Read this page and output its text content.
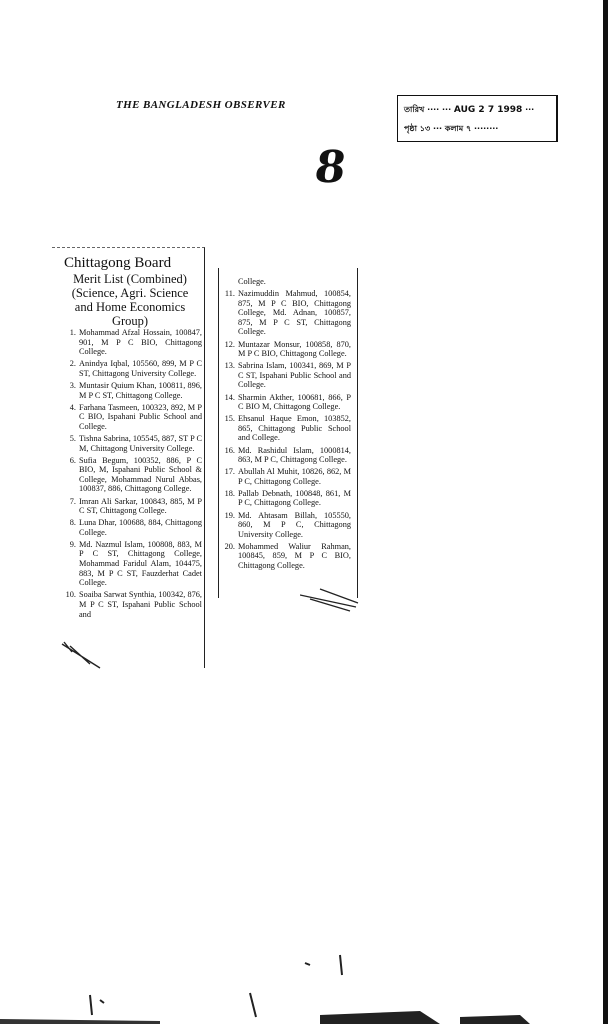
THE BANGLADESH OBSERVER	তারিখ ···· ··· AUG 2 7 1998 ···
পৃষ্ঠা ১৩ ··· কলাম ৭ ········
8
Chittagong Board
Merit List (Combined)
(Science, Agri. Science
and Home Economics
Group)
1. Mohammad Afzal Hossain, 100847, 901, M P C BIO, Chittagong College.
2. Anindya Iqbal, 105560, 899, M P C ST, Chittagong University College.
3. Muntasir Quium Khan, 100811, 896, M P C ST, Chittagong College.
4. Farhana Tasmeen, 100323, 892, M P C BIO, Ispahani Public School and College.
5. Tishna Sabrina, 105545, 887, ST P C M, Chittagong University College.
6. Sufia Begum, 100352, 886, P C BIO, M, Ispahani Public School & College, Mohammad Nurul Abbas, 100837, 886, Chittagong College.
7. Imran Ali Sarkar, 100843, 885, M P C ST, Chittagong College.
8. Luna Dhar, 100688, 884, Chittagong College.
9. Md. Nazmul Islam, 100808, 883, M P C ST, Chittagong College, Mohammad Faridul Alam, 104475, 883, M P C ST, Fauzderhat Cadet College.
10. Soaiba Sarwat Synthia, 100342, 876, M P C ST, Ispahani Public School and
College.
11. Nazimuddin Mahmud, 100854, 875, M P C BIO, Chittagong College, Md. Adnan, 100857, 875, M P C ST, Chittagong College.
12. Muntazar Monsur, 100858, 870, M P C BIO, Chittagong College.
13. Sabrina Islam, 100341, 869, M P C ST, Ispahani Public School and College.
14. Sharmin Akther, 100681, 866, P C BIO M, Chittagong College.
15. Ehsanul Haque Emon, 103852, 865, Chittagong Public School and College.
16. Md. Rashidul Islam, 1000814, 863, M P C, Chittagong College.
17. Abullah Al Muhit, 10826, 862, M P C, Chittagong College.
18. Pallab Debnath, 100848, 861, M P C, Chittagong College.
19. Md. Ahtasam Billah, 105550, 860, M P C, Chittagong University College.
20. Mohammed Waliur Rahman, 100845, 859, M P C BIO, Chittagong College.
